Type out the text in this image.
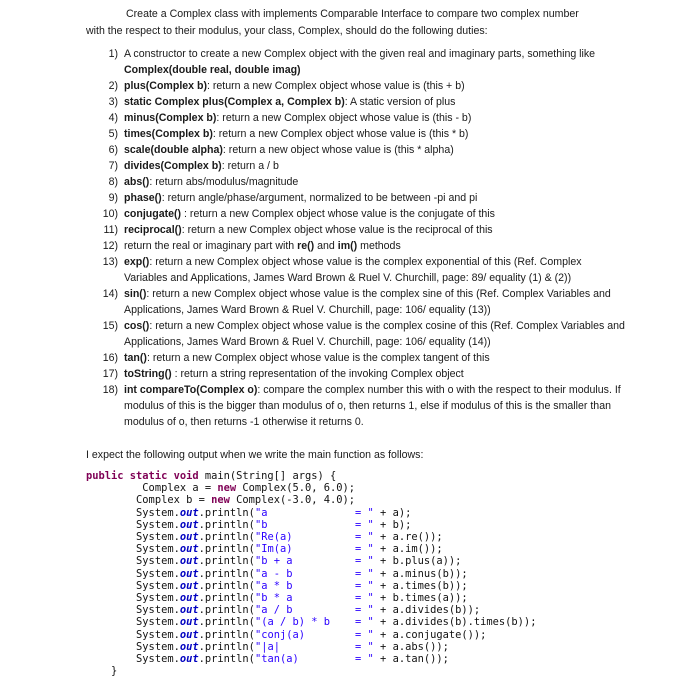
Create a Complex class with implements Comparable Interface to compare two complex number
with the respect to their modulus, your class, Complex, should do the following duties:
1) A constructor to create a new Complex object with the given real and imaginary parts, something like Complex(double real, double imag)
2) plus(Complex b): return a new Complex object whose value is (this + b)
3) static Complex plus(Complex a, Complex b): A static version of plus
4) minus(Complex b): return a new Complex object whose value is (this - b)
5) times(Complex b): return a new Complex object whose value is (this * b)
6) scale(double alpha): return a new object whose value is (this * alpha)
7) divides(Complex b): return a / b
8) abs(): return abs/modulus/magnitude
9) phase(): return angle/phase/argument, normalized to be between -pi and pi
10) conjugate() : return a new Complex object whose value is the conjugate of this
11) reciprocal(): return a new Complex object whose value is the reciprocal of this
12) return the real or imaginary part with re() and im() methods
13) exp(): return a new Complex object whose value is the complex exponential of this (Ref. Complex Variables and Applications, James Ward Brown & Ruel V. Churchill, page: 89/ equality (1) & (2))
14) sin(): return a new Complex object whose value is the complex sine of this (Ref. Complex Variables and Applications, James Ward Brown & Ruel V. Churchill, page: 106/ equality (13))
15) cos(): return a new Complex object whose value is the complex cosine of this (Ref. Complex Variables and Applications, James Ward Brown & Ruel V. Churchill, page: 106/ equality (14))
16) tan(): return a new Complex object whose value is the complex tangent of this
17) toString() : return a string representation of the invoking Complex object
18) int compareTo(Complex o): compare the complex number this with o with the respect to their modulus. If modulus of this is the bigger than modulus of o, then returns 1, else if modulus of this is the smaller than modulus of o, then returns -1 otherwise it returns 0.
I expect the following output when we write the main function as follows:
public static void main(String[] args) {
Complex a = new Complex(5.0, 6.0);
Complex b = new Complex(-3.0, 4.0);
System.out.println("a              = " + a);
System.out.println("b              = " + b);
System.out.println("Re(a)          = " + a.re());
System.out.println("Im(a)          = " + a.im());
System.out.println("b + a          = " + b.plus(a));
System.out.println("a - b          = " + a.minus(b));
System.out.println("a * b          = " + a.times(b));
System.out.println("b * a          = " + b.times(a));
System.out.println("a / b          = " + a.divides(b));
System.out.println("(a / b) * b    = " + a.divides(b).times(b));
System.out.println("conj(a)        = " + a.conjugate());
System.out.println("|a|            = " + a.abs());
System.out.println("tan(a)         = " + a.tan());
}
